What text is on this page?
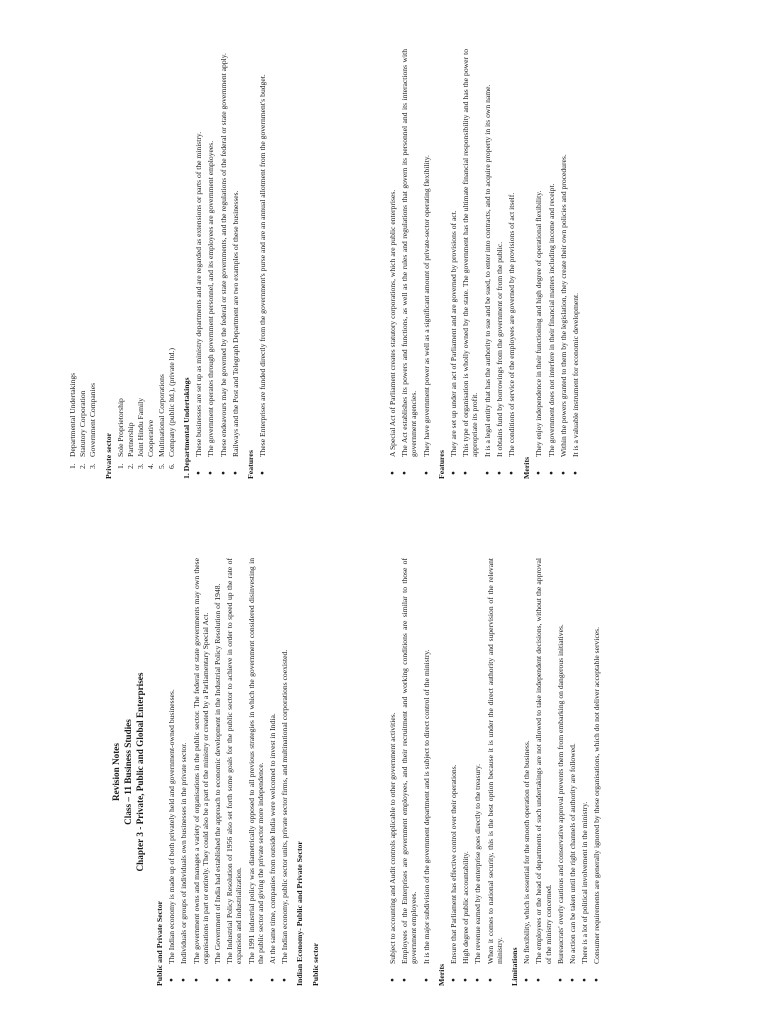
Revision Notes Class – 11 Business Studies Chapter 3 - Private, Public and Global Enterprises

Public and Private Sector ● The Indian economy is made up of both privately held and government-owned businesses. ● Individuals or groups of individuals own businesses in the private sector. ● The government owns and manages a variety of organisations in the public sector. The federal or state governments may own these organisations in part or entirely. They could also be a part of the ministry or created by a Parliamentary Special Act. ● The Government of India had established the approach to economic development in the Industrial Policy Resolution of 1948. ● The Industrial Policy Resolution of 1956 also set forth some goals for the public sector to achieve in order to speed up the rate of expansion and industrialization. ● The 1991 industrial policy was diametrically opposed to all previous strategies in which the government considered disinvesting in the public sector and giving the private sector more independence. ● At the same time, companies from outside India were welcomed to invest in India. ● The Indian economy, public sector units, private sector firms, and multinational corporations coexisted. Indian Economy- Public and Private Sector Public sector
1.Departmental Undertakings
2.Statutory Corporation
3.Government Companies Private sector 1.Sole Proprietorship
2.Partnership
3.Joint Hindu Family
4.Cooperative
5.Multinational Corporations
6.Company (public ltd.), (private ltd.) 1. Departmental Undertakings ● These businesses are set up as ministry departments and are regarded as extensions or parts of the ministry. ● The government operates through government personnel, and its employees are government employees. ● These endeavours may be governed by the federal or state governments, and the regulations of the federal or state government apply. ● Railways and the Post and Telegraph Department are two examples of these businesses.
Features
● These Enterprises are funded directly from the government's purse and are an annual allotment from the government's budget.
● Subject to accounting and Audit controls applicable to other government activities. ● Employees of the Enterprises are government employees, and their recruitment and working conditions are similar to those of government employees. ● It is the major subdivision of the government department and is subject to direct control of the ministry.
Merits
● Ensure that Parliament has effective control over their operations. ● High degree of public accountability. ● The revenue earned by the enterprise goes directly to the treasury. ● When it comes to national security, this is the best option because it is under the direct authority and supervision of the relevant ministry. Limitations
● No flexibility, which is essential for the smooth operation of the business. ● The employees or the head of departments of such undertakings are not allowed to take independent decisions, without the approval of the ministry concerned. ● Bureaucrats' overly cautious and conservative approval prevents them from embarking on dangerous initiatives. ● No action can be taken until the right channels of authority are followed. ● There is a lot of political involvement in the ministry. ● Consumer requirements are generally ignored by these organisations, which do not deliver acceptable services.
● A Special Act of Parliament creates statutory corporations, which are public enterprises. ● The Act establishes its powers and functions, as well as the rules and regulations that govern its personnel and its interactions with government agencies. ● They have government power as well as a significant amount of private-sector operating flexibility.
Features
● They are set up under an act of Parliament and are governed by provisions of act. ● This type of organisation is wholly owned by the state. The government has the ultimate financial responsibility and has the power to appropriate its profit. ● It is a legal entity that has the authority to sue and be sued, to enter into contracts, and to acquire property in its own name. ● It obtains fund by borrowings from the government or from the public. ● The conditions of service of the employees are governed by the provisions of act itself.
Merits
● They enjoy independence in their functioning and high degree of operational flexibility. ● The government does not interfere in their financial matters including income and receipt. ● Within the powers granted to them by the legislation, they create their own policies and procedures. ● It is a valuable instrument for economic development.
